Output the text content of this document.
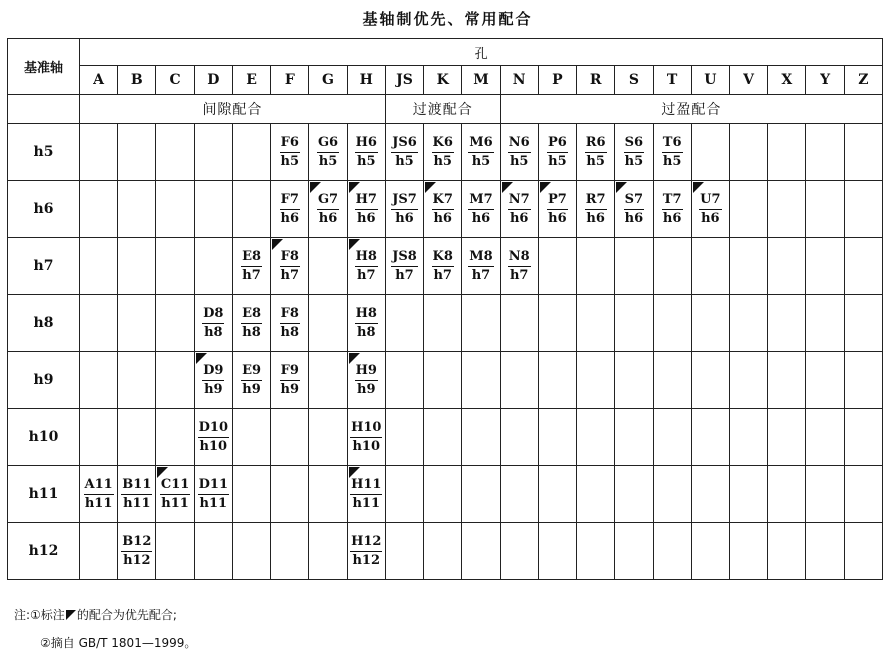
基轴制优先、常用配合
基准轴	孔																				
	A	B	C	D	E	F	G	H	JS	K	M	N	P	R	S	T	U	V	X	Y	Z
	间隙配合								过渡配合			过盈配合									
h5						$\frac{F6}{h5}$	$\frac{G6}{h5}$	$\frac{H6}{h5}$	$\frac{JS6}{h5}$	$\frac{K6}{h5}$	$\frac{M6}{h5}$	$\frac{N6}{h5}$	$\frac{P6}{h5}$	$\frac{R6}{h5}$	$\frac{S6}{h5}$	$\frac{T6}{h5}$

h6						$\frac{F7}{h6}$	$\frac{G7}{h6}$	$\frac{H7}{h6}$	$\frac{JS7}{h6}$	$\frac{K7}{h6}$	$\frac{M7}{h6}$	$\frac{N7}{h6}$	$\frac{P7}{h6}$	$\frac{R7}{h6}$	$\frac{S7}{h6}$	$\frac{T7}{h6}$	$\frac{U7}{h6}$

h7					$\frac{E8}{h7}$	$\frac{F8}{h7}$		$\frac{H8}{h7}$	$\frac{JS8}{h7}$	$\frac{K8}{h7}$	$\frac{M8}{h7}$	$\frac{N8}{h7}$

h8				$\frac{D8}{h8}$	$\frac{E8}{h8}$	$\frac{F8}{h8}$		$\frac{H8}{h8}$

h9				$\frac{D9}{h9}$	$\frac{E9}{h9}$	$\frac{F9}{h9}$		$\frac{H9}{h9}$

h10				$\frac{D10}{h10}$				$\frac{H10}{h10}$

h11	$\frac{A11}{h11}$	$\frac{B11}{h11}$	$\frac{C11}{h11}$	$\frac{D11}{h11}$				$\frac{H11}{h11}$

h12		$\frac{B12}{h12}$						$\frac{H12}{h12}$

注:①标注 的配合为优先配合;
②摘自 GB/T 1801—1999。
